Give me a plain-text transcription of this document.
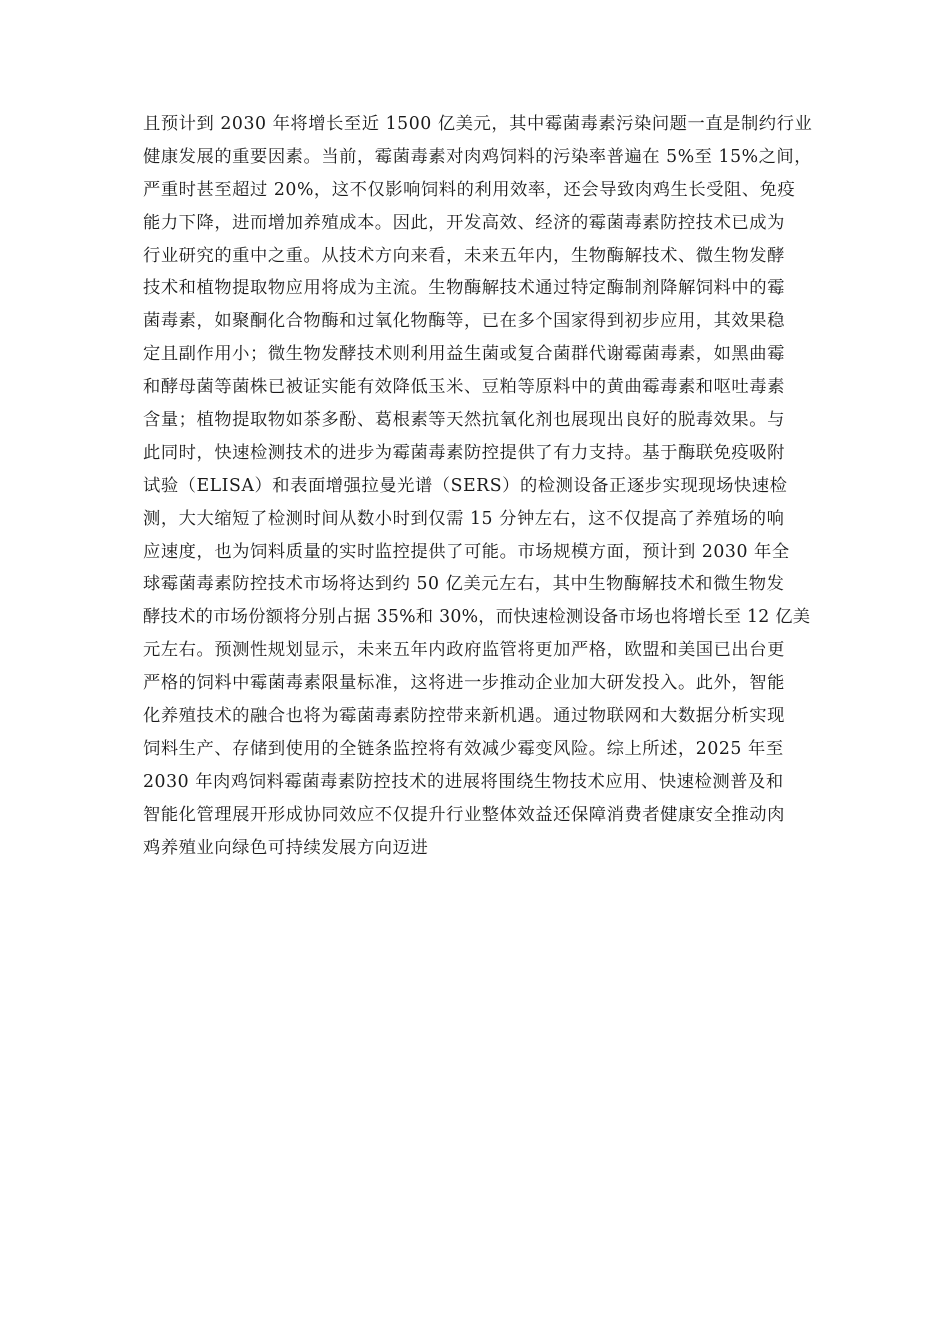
且预计到 2030 年将增长至近 1500 亿美元，其中霉菌毒素污染问题一直是制约行业
健康发展的重要因素。当前，霉菌毒素对肉鸡饲料的污染率普遍在 5%至 15%之间，
严重时甚至超过 20%，这不仅影响饲料的利用效率，还会导致肉鸡生长受阻、免疫
能力下降，进而增加养殖成本。因此，开发高效、经济的霉菌毒素防控技术已成为
行业研究的重中之重。从技术方向来看，未来五年内，生物酶解技术、微生物发酵
技术和植物提取物应用将成为主流。生物酶解技术通过特定酶制剂降解饲料中的霉
菌毒素，如聚酮化合物酶和过氧化物酶等，已在多个国家得到初步应用，其效果稳
定且副作用小；微生物发酵技术则利用益生菌或复合菌群代谢霉菌毒素，如黑曲霉
和酵母菌等菌株已被证实能有效降低玉米、豆粕等原料中的黄曲霉毒素和呕吐毒素
含量；植物提取物如茶多酚、葛根素等天然抗氧化剂也展现出良好的脱毒效果。与
此同时，快速检测技术的进步为霉菌毒素防控提供了有力支持。基于酶联免疫吸附
试验（ELISA）和表面增强拉曼光谱（SERS）的检测设备正逐步实现现场快速检
测，大大缩短了检测时间从数小时到仅需 15 分钟左右，这不仅提高了养殖场的响
应速度，也为饲料质量的实时监控提供了可能。市场规模方面，预计到 2030 年全
球霉菌毒素防控技术市场将达到约 50 亿美元左右，其中生物酶解技术和微生物发
酵技术的市场份额将分别占据 35%和 30%，而快速检测设备市场也将增长至 12 亿美
元左右。预测性规划显示，未来五年内政府监管将更加严格，欧盟和美国已出台更
严格的饲料中霉菌毒素限量标准，这将进一步推动企业加大研发投入。此外，智能
化养殖技术的融合也将为霉菌毒素防控带来新机遇。通过物联网和大数据分析实现
饲料生产、存储到使用的全链条监控将有效减少霉变风险。综上所述，2025 年至
2030 年肉鸡饲料霉菌毒素防控技术的进展将围绕生物技术应用、快速检测普及和
智能化管理展开形成协同效应不仅提升行业整体效益还保障消费者健康安全推动肉
鸡养殖业向绿色可持续发展方向迈进
